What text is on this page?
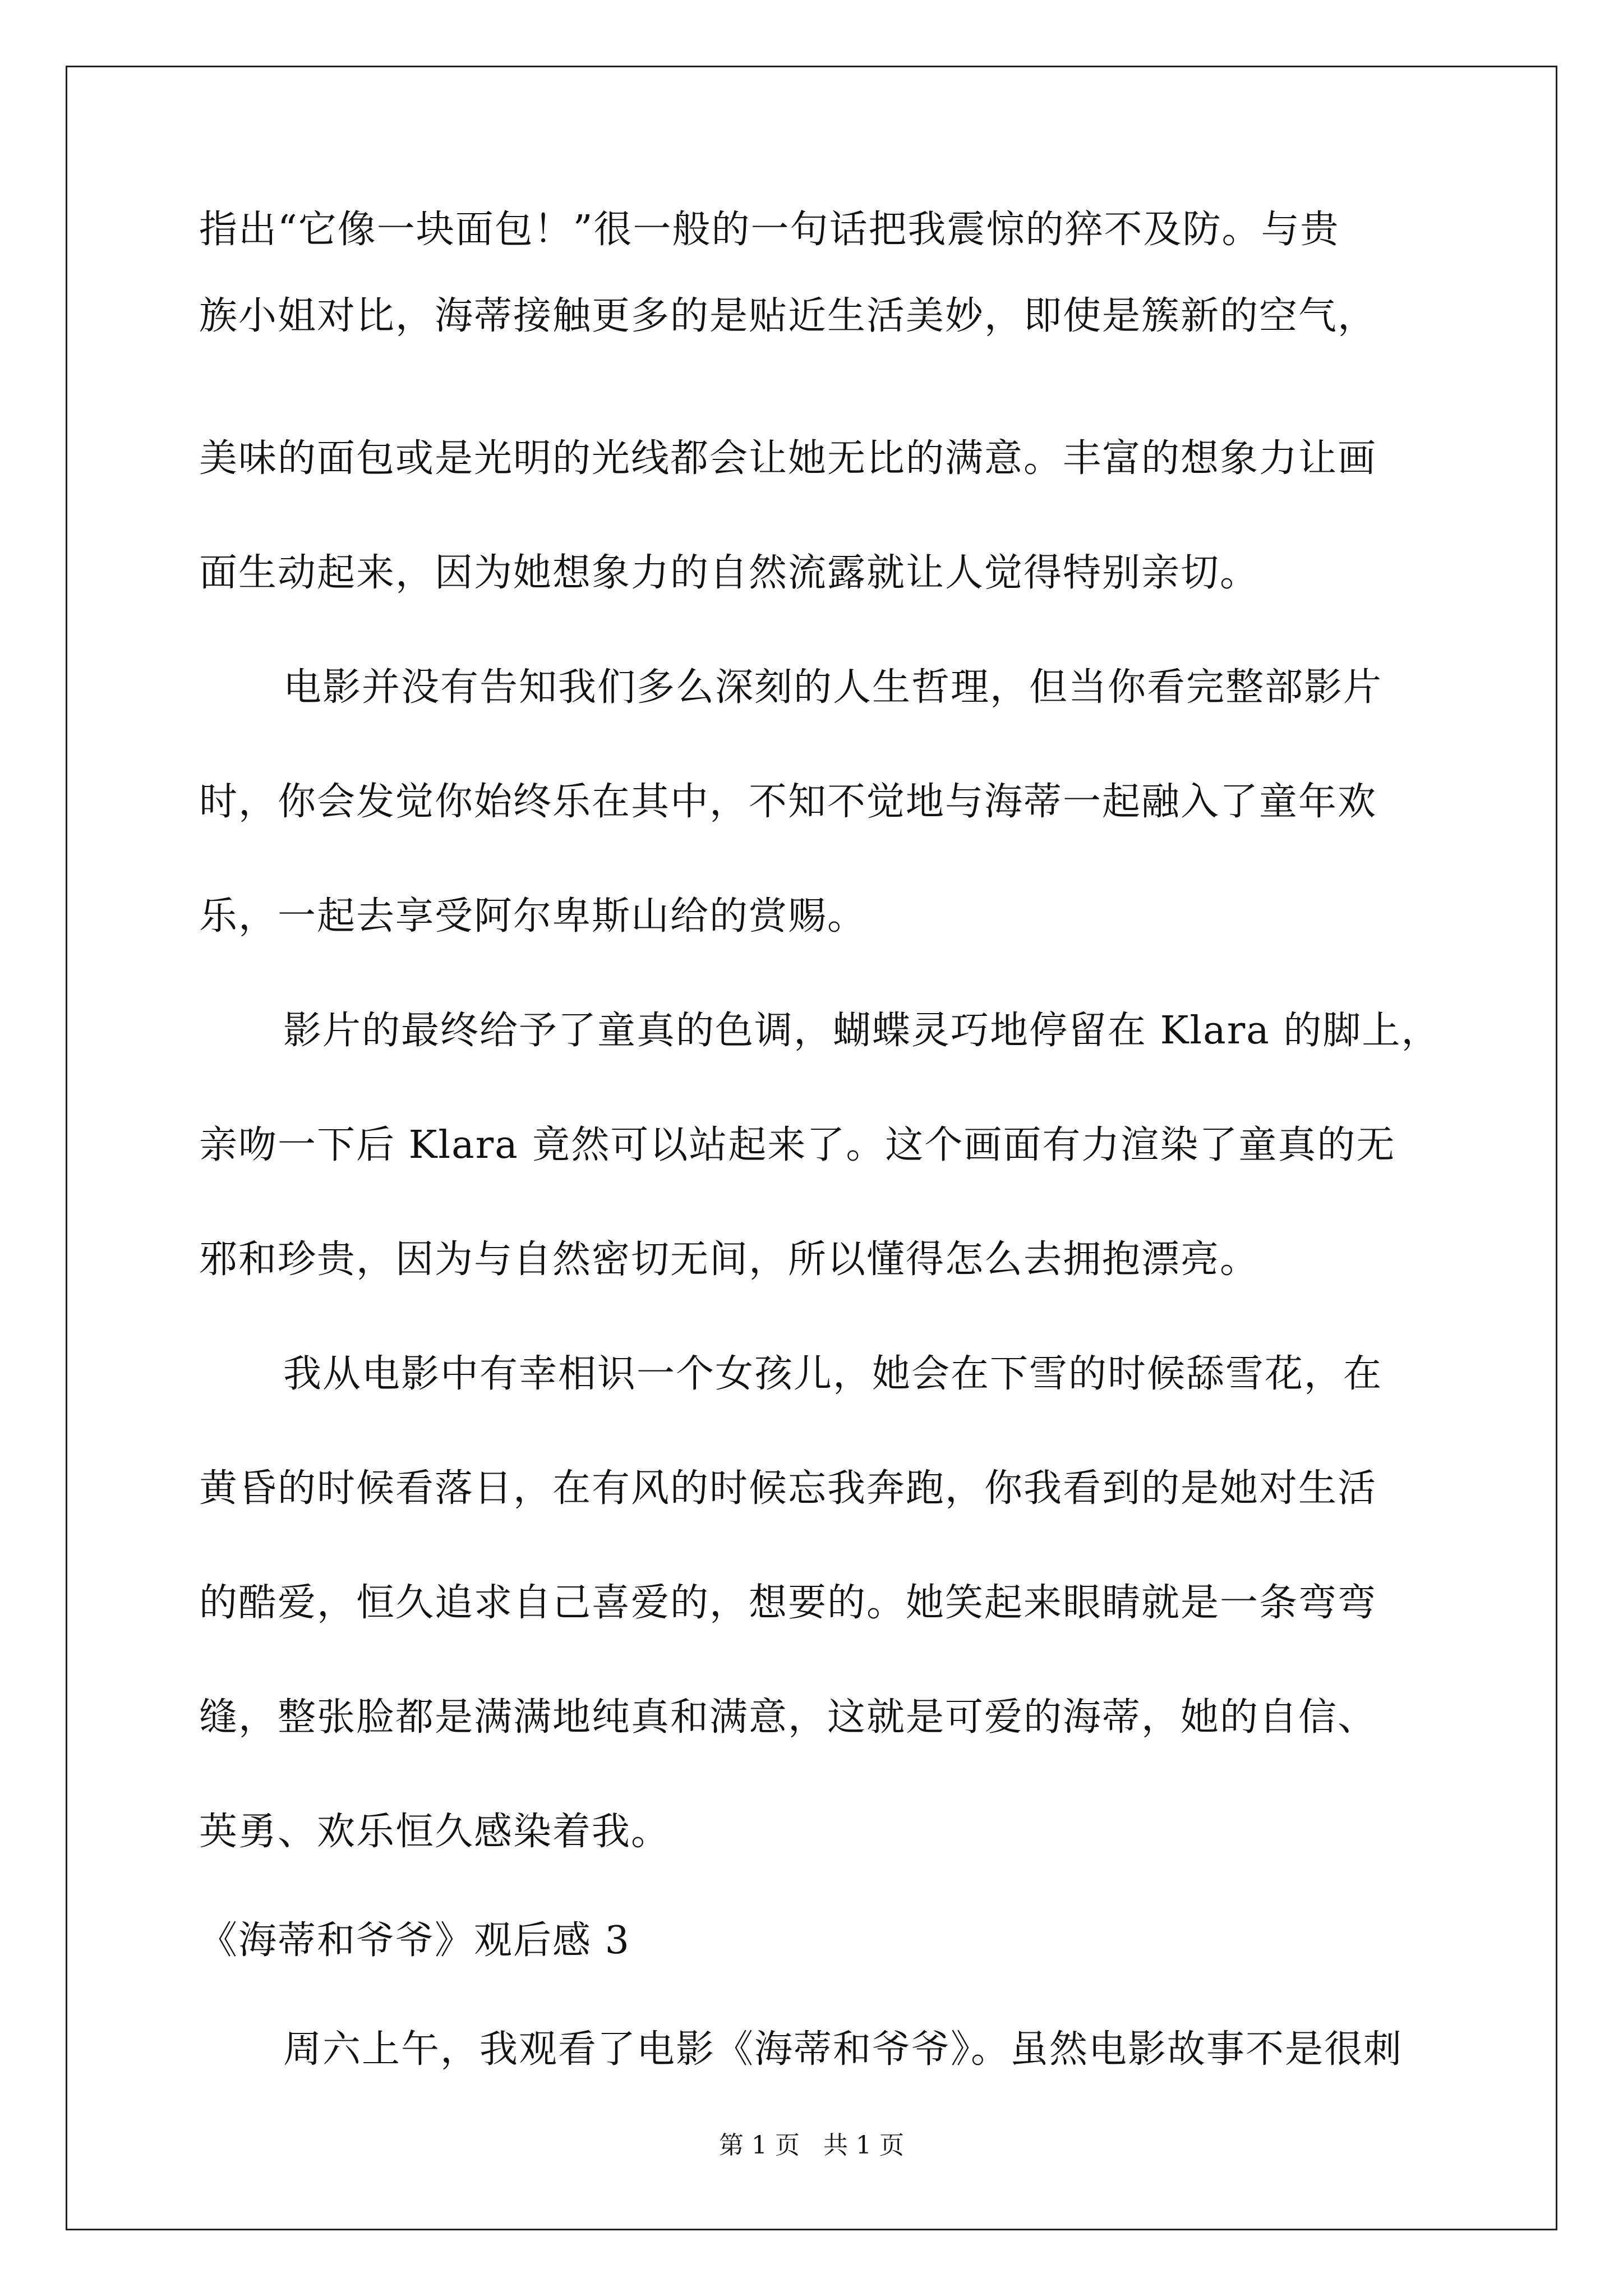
指出“它像一块面包！”很一般的一句话把我震惊的猝不及防。与贵
族小姐对比，海蒂接触更多的是贴近生活美妙，即使是簇新的空气，
美味的面包或是光明的光线都会让她无比的满意。丰富的想象力让画
面生动起来，因为她想象力的自然流露就让人觉得特别亲切。
电影并没有告知我们多么深刻的人生哲理，但当你看完整部影片
时，你会发觉你始终乐在其中，不知不觉地与海蒂一起融入了童年欢
乐，一起去享受阿尔卑斯山给的赏赐。
影片的最终给予了童真的色调，蝴蝶灵巧地停留在 Klara 的脚上，
亲吻一下后 Klara 竟然可以站起来了。这个画面有力渲染了童真的无
邪和珍贵，因为与自然密切无间，所以懂得怎么去拥抱漂亮。
我从电影中有幸相识一个女孩儿，她会在下雪的时候舔雪花，在
黄昏的时候看落日，在有风的时候忘我奔跑，你我看到的是她对生活
的酷爱，恒久追求自己喜爱的，想要的。她笑起来眼睛就是一条弯弯
缝，整张脸都是满满地纯真和满意，这就是可爱的海蒂，她的自信、
英勇、欢乐恒久感染着我。
《海蒂和爷爷》观后感 3
周六上午，我观看了电影《海蒂和爷爷》。虽然电影故事不是很刺
第 1 页   共 1 页
